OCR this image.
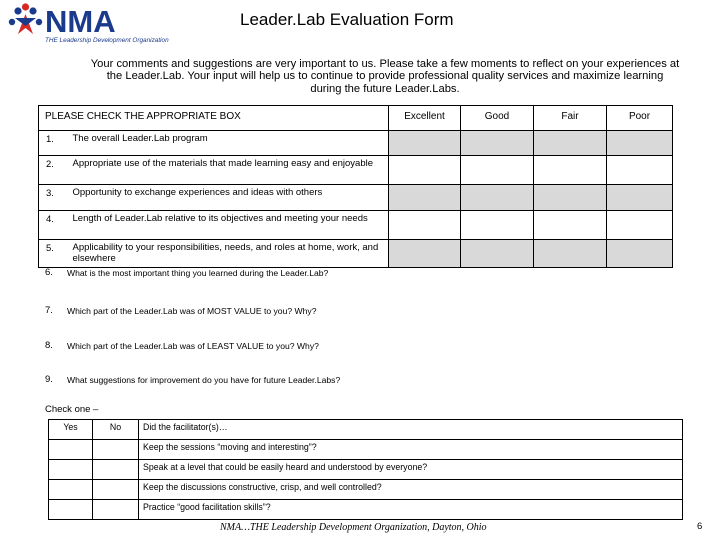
NMA
THE Leadership Development Organization
Leader.Lab Evaluation Form
Your comments and suggestions are very important to us. Please take a few moments to reflect on your experiences at the Leader.Lab. Your input will help us to continue to provide professional quality services and maximize learning during the future Leader.Labs.
PLEASE CHECK THE APPROPRIATE BOX		Excellent	Good	Fair	Poor
1.	The overall Leader.Lab program				
2.	Appropriate use of the materials that made learning easy and enjoyable				
3.	Opportunity to exchange experiences and ideas with others				
4.	Length of Leader.Lab relative to its objectives and meeting your needs				
5.	Applicability to your responsibilities, needs, and roles at home, work, and elsewhere				
6. What is the most important thing you learned during the Leader.Lab?
7. Which part of the Leader.Lab was of MOST VALUE to you? Why?
8. Which part of the Leader.Lab was of LEAST VALUE to you? Why?
9. What suggestions for improvement do you have for future Leader.Labs?
Check one –
Yes	No	Did the facilitator(s)…
		Keep the sessions “moving and interesting”?
		Speak at a level that could be easily heard and understood by everyone?
		Keep the discussions constructive, crisp, and well controlled?
		Practice “good facilitation skills”?
NMA…THE Leadership Development Organization, Dayton, Ohio	6
